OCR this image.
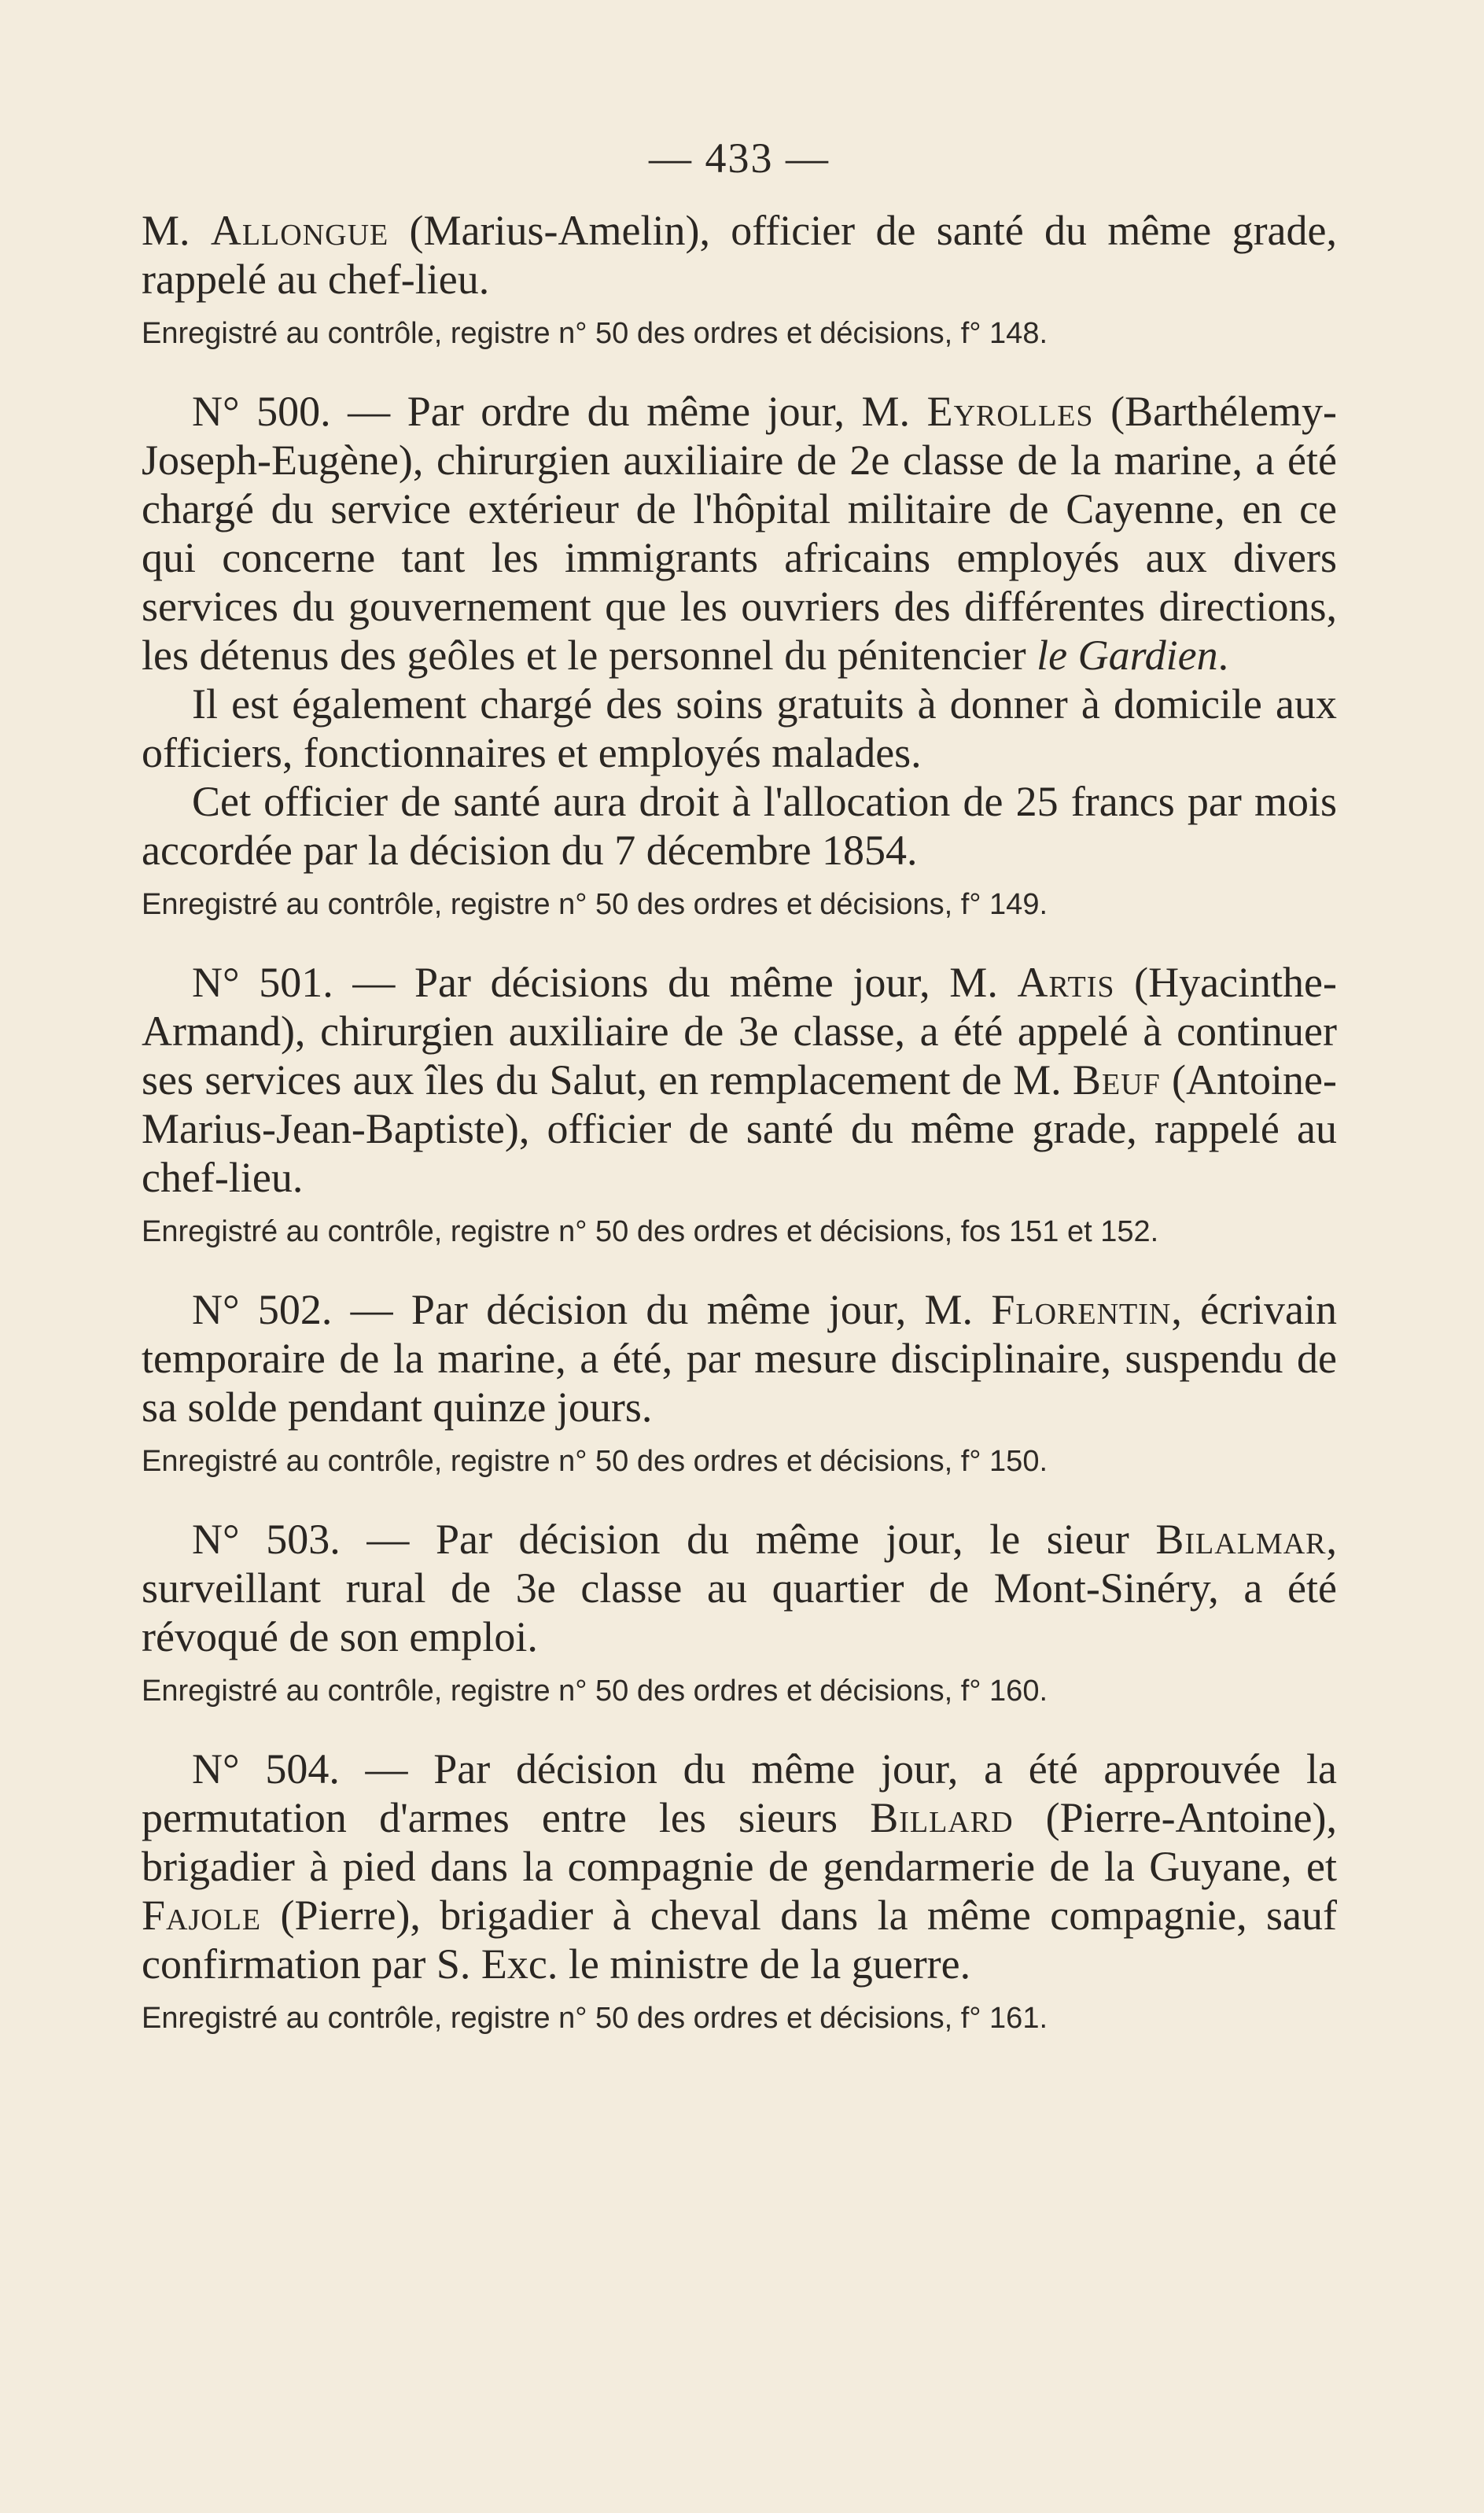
— 433 —

M. Allongue (Marius-Amelin), officier de santé du même grade, rappelé au chef-lieu.

Enregistré au contrôle, registre n° 50 des ordres et décisions, f° 148.

N° 500. — Par ordre du même jour, M. Eyrolles (Barthélemy-Joseph-Eugène), chirurgien auxiliaire de 2e classe de la marine, a été chargé du service extérieur de l'hôpital militaire de Cayenne, en ce qui concerne tant les immigrants africains employés aux divers services du gouvernement que les ouvriers des différentes directions, les détenus des geôles et le personnel du pénitencier le Gardien.

Il est également chargé des soins gratuits à donner à domicile aux officiers, fonctionnaires et employés malades.

Cet officier de santé aura droit à l'allocation de 25 francs par mois accordée par la décision du 7 décembre 1854.

Enregistré au contrôle, registre n° 50 des ordres et décisions, f° 149.

N° 501. — Par décisions du même jour, M. Artis (Hyacinthe-Armand), chirurgien auxiliaire de 3e classe, a été appelé à continuer ses services aux îles du Salut, en remplacement de M. Beuf (Antoine-Marius-Jean-Baptiste), officier de santé du même grade, rappelé au chef-lieu.

Enregistré au contrôle, registre n° 50 des ordres et décisions, fos 151 et 152.

N° 502. — Par décision du même jour, M. Florentin, écrivain temporaire de la marine, a été, par mesure disciplinaire, suspendu de sa solde pendant quinze jours.

Enregistré au contrôle, registre n° 50 des ordres et décisions, f° 150.

N° 503. — Par décision du même jour, le sieur Bilalmar, surveillant rural de 3e classe au quartier de Mont-Sinéry, a été révoqué de son emploi.

Enregistré au contrôle, registre n° 50 des ordres et décisions, f° 160.

N° 504. — Par décision du même jour, a été approuvée la permutation d'armes entre les sieurs Billard (Pierre-Antoine), brigadier à pied dans la compagnie de gendarmerie de la Guyane, et Fajole (Pierre), brigadier à cheval dans la même compagnie, sauf confirmation par S. Exc. le ministre de la guerre.

Enregistré au contrôle, registre n° 50 des ordres et décisions, f° 161.
